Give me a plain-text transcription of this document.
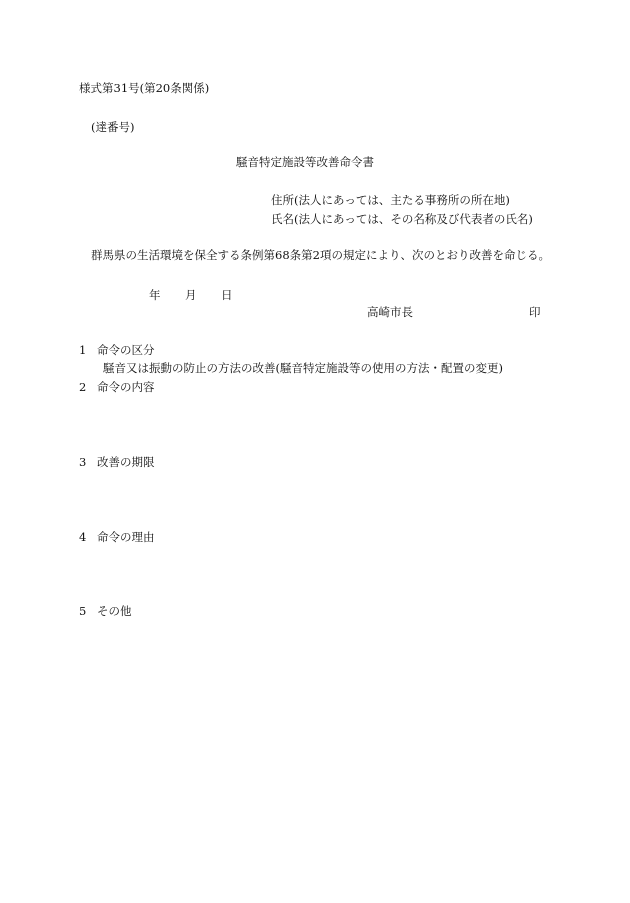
様式第31号(第20条関係)
(達番号)
騒音特定施設等改善命令書
住所(法人にあっては、主たる事務所の所在地)
氏名(法人にあっては、その名称及び代表者の氏名)
群馬県の生活環境を保全する条例第68条第2項の規定により、次のとおり改善を命じる。
年 月 日
高崎市長	印
1 命令の区分
騒音又は振動の防止の方法の改善(騒音特定施設等の使用の方法・配置の変更)
2 命令の内容
3 改善の期限
4 命令の理由
5 その他
